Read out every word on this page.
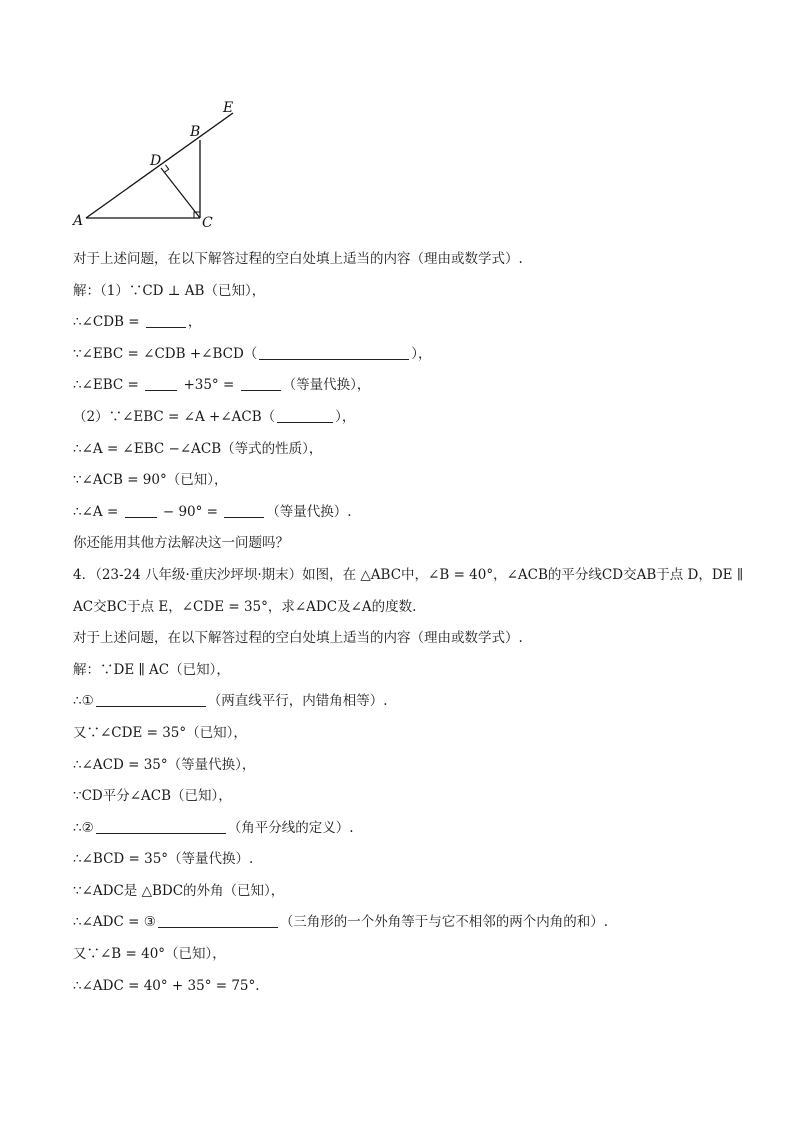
A	C
B
D
E
对于上述问题，在以下解答过程的空白处填上适当的内容（理由或数学式）.
解：（1）∵CD ⊥ AB（已知），
∴∠CDB =	，
∵∠EBC = ∠CDB +∠BCD（	），
∴∠EBC =	+35° =	（等量代换），
（2）∵∠EBC = ∠A +∠ACB（	），
∴∠A = ∠EBC −∠ACB（等式的性质），
∵∠ACB = 90°（已知），
∴∠A =	− 90° =	（等量代换）.
你还能用其他方法解决这一问题吗？
4．（23-24 八年级·重庆沙坪坝·期末）如图，在 △ABC中，∠B = 40°，∠ACB的平分线CD交AB于点 D，DE ∥
AC交BC于点 E，∠CDE = 35°，求∠ADC及∠A的度数.
对于上述问题，在以下解答过程的空白处填上适当的内容（理由或数学式）.
解：∵DE ∥ AC（已知），
∴①	（两直线平行，内错角相等）.
又∵∠CDE = 35°（已知），
∴∠ACD = 35°（等量代换），
∵CD平分∠ACB（已知），
∴②	（角平分线的定义）.
∴∠BCD = 35°（等量代换）.
∵∠ADC是 △BDC的外角（已知），
∴∠ADC = ③	（三角形的一个外角等于与它不相邻的两个内角的和）.
又∵∠B = 40°（已知），
∴∠ADC = 40° + 35° = 75°.
